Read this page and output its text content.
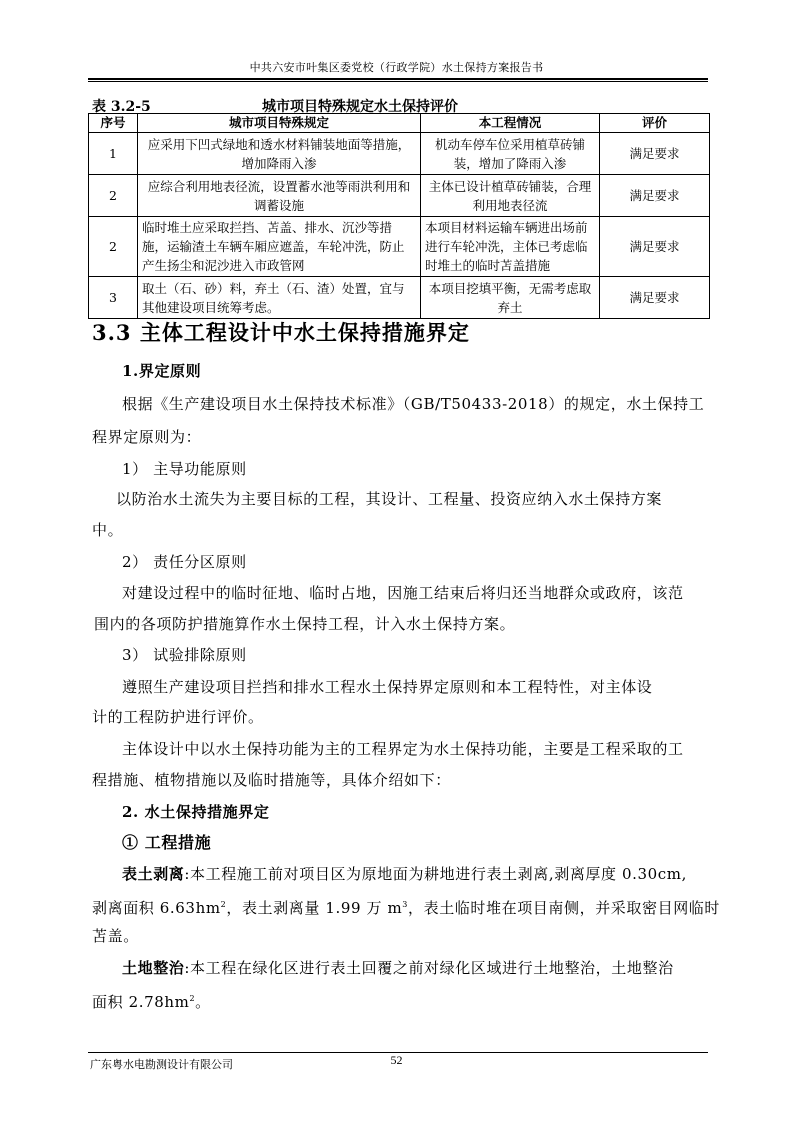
中共六安市叶集区委党校（行政学院）水土保持方案报告书
表 3.2-5	城市项目特殊规定水土保持评价
序号	城市项目特殊规定	本工程情况	评价
1	应采用下凹式绿地和透水材料铺装地面等措施，增加降雨入渗	机动车停车位采用植草砖铺装，增加了降雨入渗	满足要求
2	应综合利用地表径流，设置蓄水池等雨洪利用和调蓄设施	主体已设计植草砖铺装，合理利用地表径流	满足要求
2	临时堆土应采取拦挡、苫盖、排水、沉沙等措施，运输渣土车辆车厢应遮盖，车轮冲洗，防止产生扬尘和泥沙进入市政管网	本项目材料运输车辆进出场前进行车轮冲洗，主体已考虑临时堆土的临时苫盖措施	满足要求
3	取土（石、砂）料，弃土（石、渣）处置，宜与其他建设项目统筹考虑。	本项目挖填平衡，无需考虑取弃土	满足要求
3.3 主体工程设计中水土保持措施界定
1.界定原则
根据《生产建设项目水土保持技术标准》（GB/T50433-2018）的规定，水土保持工
程界定原则为：
1） 主导功能原则
以防治水土流失为主要目标的工程，其设计、工程量、投资应纳入水土保持方案
中。
2） 责任分区原则
对建设过程中的临时征地、临时占地，因施工结束后将归还当地群众或政府，该范
围内的各项防护措施算作水土保持工程，计入水土保持方案。
3） 试验排除原则
遵照生产建设项目拦挡和排水工程水土保持界定原则和本工程特性，对主体设
计的工程防护进行评价。
主体设计中以水土保持功能为主的工程界定为水土保持功能，主要是工程采取的工
程措施、植物措施以及临时措施等，具体介绍如下：
2. 水土保持措施界定
① 工程措施
表土剥离:本工程施工前对项目区为原地面为耕地进行表土剥离,剥离厚度 0.30cm,
剥离面积 $6.63hm^2$，表土剥离量 1.99 万 $m^3$，表土临时堆在项目南侧，并采取密目网临时
苫盖。
土地整治:本工程在绿化区进行表土回覆之前对绿化区域进行土地整治，土地整治
面积 $2.78hm^2$。
广东粤水电勘测设计有限公司	52
